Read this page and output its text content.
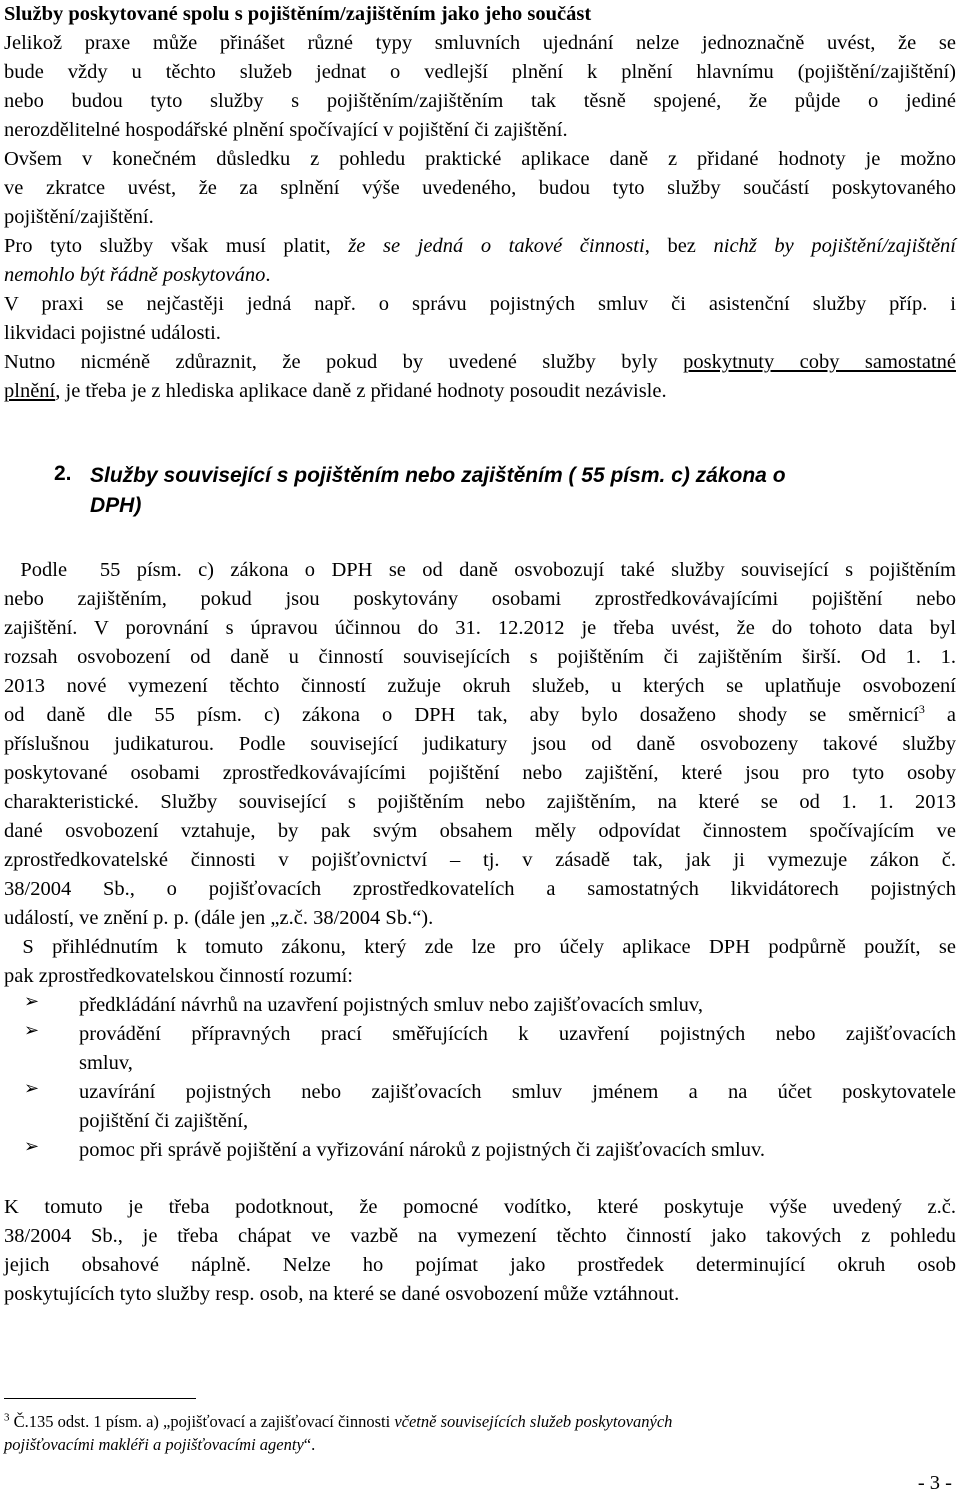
Služby poskytované spolu s pojištěním/zajištěním jako jeho součást
Jelikož praxe může přinášet různé typy smluvních ujednání nelze jednoznačně uvést, že se
bude vždy u těchto služeb jednat o vedlejší plnění k plnění hlavnímu (pojištění/zajištění)
nebo budou tyto služby s pojištěním/zajištěním tak těsně spojené, že půjde o jediné
nerozdělitelné hospodářské plnění spočívající v pojištění či zajištění.
Ovšem v konečném důsledku z pohledu praktické aplikace daně z přidané hodnoty je možno
ve zkratce uvést, že za splnění výše uvedeného, budou tyto služby součástí poskytovaného
pojištění/zajištění.
Pro tyto služby však musí platit, že se jedná o takové činnosti, bez nichž by pojištění/zajištění
nemohlo být řádně poskytováno.
V praxi se nejčastěji jedná např. o správu pojistných smluv či asistenční služby příp. i
likvidaci pojistné události.
Nutno nicméně zdůraznit, že pokud by uvedené služby byly poskytnuty coby samostatné
plnění, je třeba je z hlediska aplikace daně z přidané hodnoty posoudit nezávisle.
2. Služby související s pojištěním nebo zajištěním ( 55 písm. c) zákona o
DPH)
Podle  55 písm. c) zákona o DPH se od daně osvobozují také služby související s pojištěním
nebo zajištěním, pokud jsou poskytovány osobami zprostředkovávajícími pojištění nebo
zajištění. V porovnání s úpravou účinnou do 31. 12.2012 je třeba uvést, že do tohoto data byl
rozsah osvobození od daně u činností souvisejících s pojištěním či zajištěním širší. Od 1. 1.
2013 nové vymezení těchto činností zužuje okruh služeb, u kterých se uplatňuje osvobození
od daně dle 55 písm. c) zákona o DPH tak, aby bylo dosaženo shody se směrnicí$^3$ a
příslušnou judikaturou. Podle související judikatury jsou od daně osvobozeny takové služby
poskytované osobami zprostředkovávajícími pojištění nebo zajištění, které jsou pro tyto osoby
charakteristické. Služby související s pojištěním nebo zajištěním, na které se od 1. 1. 2013
dané osvobození vztahuje, by pak svým obsahem měly odpovídat činnostem spočívajícím ve
zprostředkovatelské činnosti v pojišťovnictví – tj. v zásadě tak, jak ji vymezuje zákon č.
38/2004 Sb., o pojišťovacích zprostředkovatelích a samostatných likvidátorech pojistných
událostí, ve znění p. p. (dále jen „z.č. 38/2004 Sb.“).
S přihlédnutím k tomuto zákonu, který zde lze pro účely aplikace DPH podpůrně použít, se
pak zprostředkovatelskou činností rozumí:
➢ předkládání návrhů na uzavření pojistných smluv nebo zajišťovacích smluv,
➢ provádění přípravných prací směřujících k uzavření pojistných nebo zajišťovacích
smluv,
➢ uzavírání pojistných nebo zajišťovacích smluv jménem a na účet poskytovatele
pojištění či zajištění,
➢ pomoc při správě pojištění a vyřizování nároků z pojistných či zajišťovacích smluv.
K tomuto je třeba podotknout, že pomocné vodítko, které poskytuje výše uvedený z.č.
38/2004 Sb., je třeba chápat ve vazbě na vymezení těchto činností jako takových z pohledu
jejich obsahové náplně. Nelze ho pojímat jako prostředek determinující okruh osob
poskytujících tyto služby resp. osob, na které se dané osvobození může vztáhnout.
$^3$ Č.135 odst. 1 písm. a) „pojišťovací a zajišťovací činnosti včetně souvisejících služeb poskytovaných
pojišťovacími makléři a pojišťovacími agenty“.
- 3 -
